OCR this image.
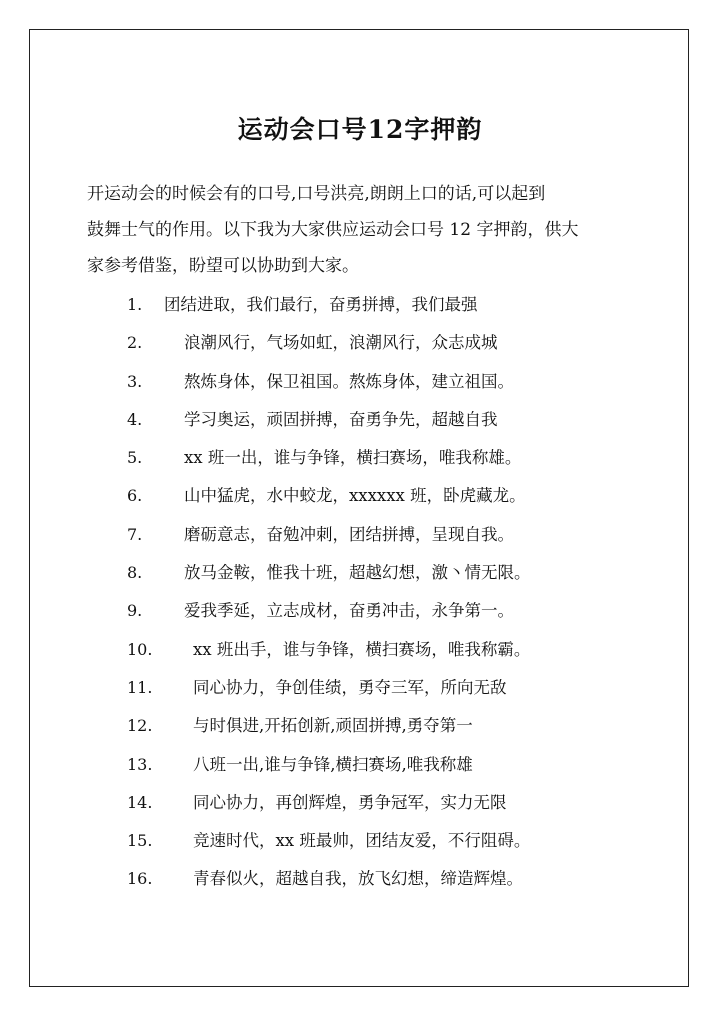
运动会口号12字押韵
开运动会的时候会有的口号,口号洪亮,朗朗上口的话,可以起到
鼓舞士气的作用。以下我为大家供应运动会口号 12 字押韵，供大
家参考借鉴，盼望可以协助到大家。
1. 团结进取，我们最行，奋勇拼搏，我们最强
2.	浪潮风行，气场如虹，浪潮风行，众志成城
3.	熬炼身体，保卫祖国。熬炼身体，建立祖国。
4.	学习奥运，顽固拼搏，奋勇争先，超越自我
5.	xx 班一出，谁与争锋，横扫赛场，唯我称雄。
6.	山中猛虎，水中蛟龙，xxxxxx 班，卧虎藏龙。
7.	磨砺意志，奋勉冲刺，团结拼搏，呈现自我。
8.	放马金鞍，惟我十班，超越幻想，激丶情无限。
9.	爱我季延，立志成材，奋勇冲击，永争第一。
10. xx 班出手，谁与争锋，横扫赛场，唯我称霸。
11. 同心协力，争创佳绩，勇夺三军，所向无敌
12. 与时俱进,开拓创新,顽固拼搏,勇夺第一
13. 八班一出,谁与争锋,横扫赛场,唯我称雄
14. 同心协力，再创辉煌，勇争冠军，实力无限
15. 竞速时代，xx 班最帅，团结友爱，不行阻碍。
16. 青春似火，超越自我，放飞幻想，缔造辉煌。
